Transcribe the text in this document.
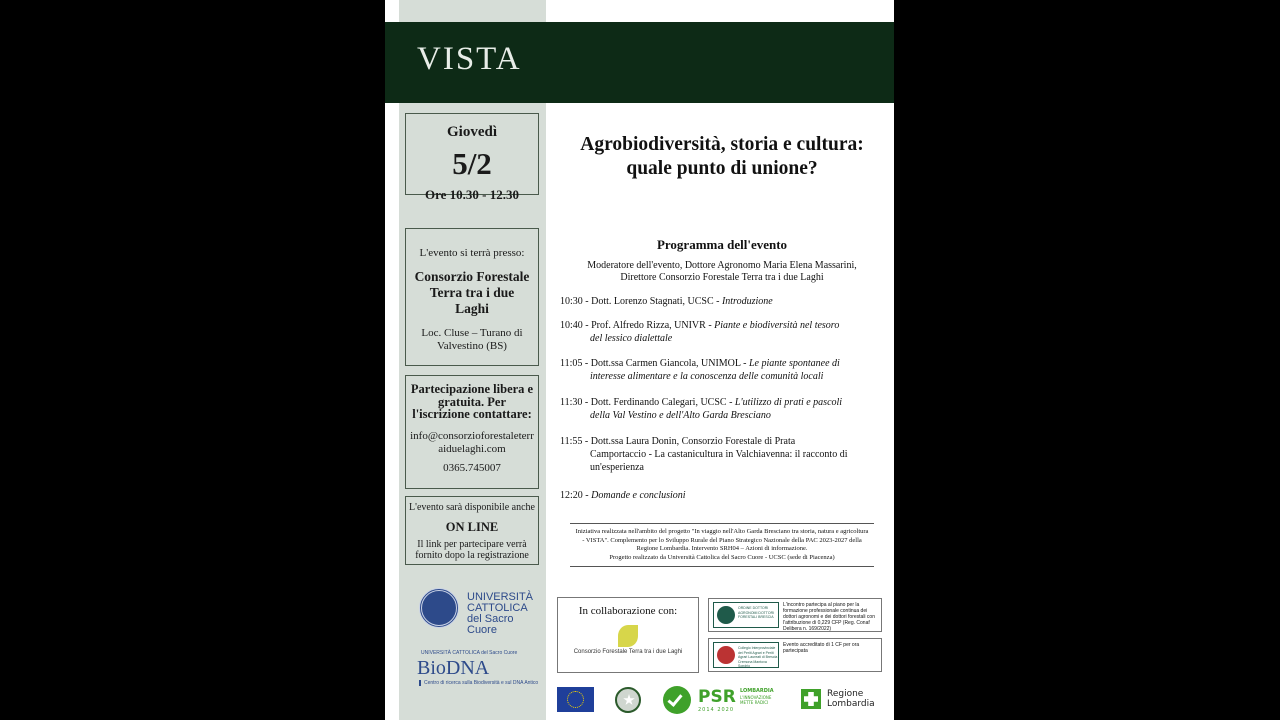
VISTA
Giovedì
5/2
Ore 10.30 - 12.30
L'evento si terrà presso:
Consorzio Forestale Terra tra i due Laghi
Loc. Cluse – Turano di Valvestino (BS)
Partecipazione libera e gratuita. Per l'iscrizione contattare:
info@consorzioforestaleterraiduelaghi.com
0365.745007
L'evento sarà disponibile anche
ON LINE
Il link per partecipare verrà fornito dopo la registrazione
UNIVERSITÀ
CATTOLICA
del Sacro Cuore
UNIVERSITÀ CATTOLICA del Sacro Cuore
BioDNA
Centro di ricerca sulla Biodiversità e sul DNA Antico
Agrobiodiversità, storia e cultura: quale punto di unione?
Programma dell'evento
Moderatore dell'evento, Dottore Agronomo Maria Elena Massarini,
Direttore Consorzio Forestale Terra tra i due Laghi
10:30 - Dott. Lorenzo Stagnati, UCSC - Introduzione
10:40 - Prof. Alfredo Rizza, UNIVR - Piante e biodiversità nel tesoro
del lessico dialettale
11:05 - Dott.ssa Carmen Giancola, UNIMOL - Le piante spontanee di
interesse alimentare e la conoscenza delle comunità locali
11:30 - Dott. Ferdinando Calegari, UCSC - L'utilizzo di prati e pascoli
della Val Vestino e dell'Alto Garda Bresciano
11:55 - Dott.ssa Laura Donin, Consorzio Forestale di Prata
Camportaccio - La castanicultura in Valchiavenna: il racconto di un'esperienza
12:20 - Domande e conclusioni
Iniziativa realizzata nell'ambito del progetto "In viaggio nell'Alto Garda Bresciano tra storia, natura e agricoltura - VISTA". Complemento per lo Sviluppo Rurale del Piano Strategico Nazionale della PAC 2023-2027 della Regione Lombardia. Intervento SRH04 – Azioni di informazione.
Progetto realizzato da Università Cattolica del Sacro Cuore - UCSC (sede di Piacenza)
In collaborazione con:
Consorzio Forestale Terra tra i due Laghi
ORDINE DOTTORI AGRONOMI DOTTORI FORESTALI BRESCIA
L'incontro partecipa al piano per la formazione professionale continua dei dottori agronomi e dei dottori forestali con l'attribuzione di 0,229 CFP (Reg. Conaf Delibera n. 169/2022)
Collegio Interprovinciale dei Periti Agrari e Periti Agrari Laureati di Brescia Cremona Mantova Sondrio
Evento accreditato di 1 CF per ora partecipata
PSR
2014 2020
LOMBARDIA
L'INNOVAZIONE METTE RADICI
Regione
Lombardia
